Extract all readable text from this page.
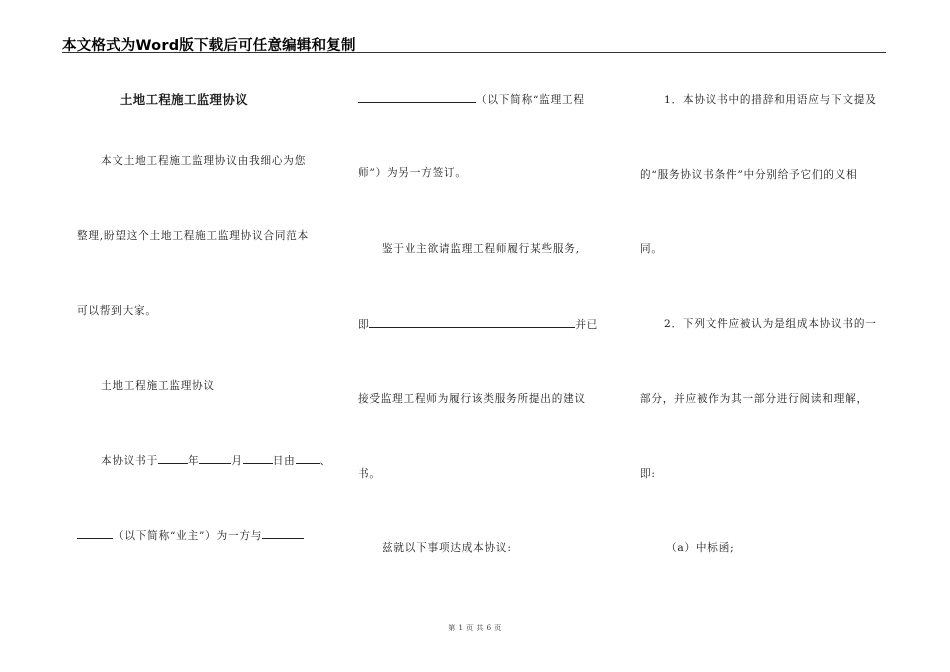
本文格式为Word版下载后可任意编辑和复制
土地工程施工监理协议
本文土地工程施工监理协议由我细心为您
整理,盼望这个土地工程施工监理协议合同范本
可以帮到大家。
土地工程施工监理协议
本协议书于	年	月	日由 、
（以下简称“业主”）为一方与
（以下简称“监理工程
师”）为另一方签订。
鉴于业主欲请监理工程师履行某些服务,
即	并已
接受监理工程师为履行该类服务所提出的建议
书。
兹就以下事项达成本协议:
1．本协议书中的措辞和用语应与下文提及
的“服务协议书条件”中分别给予它们的义相
同。
2．下列文件应被认为是组成本协议书的一
部分，并应被作为其一部分进行阅读和理解，
即:
（a）中标函;
第 1 页 共 6 页
